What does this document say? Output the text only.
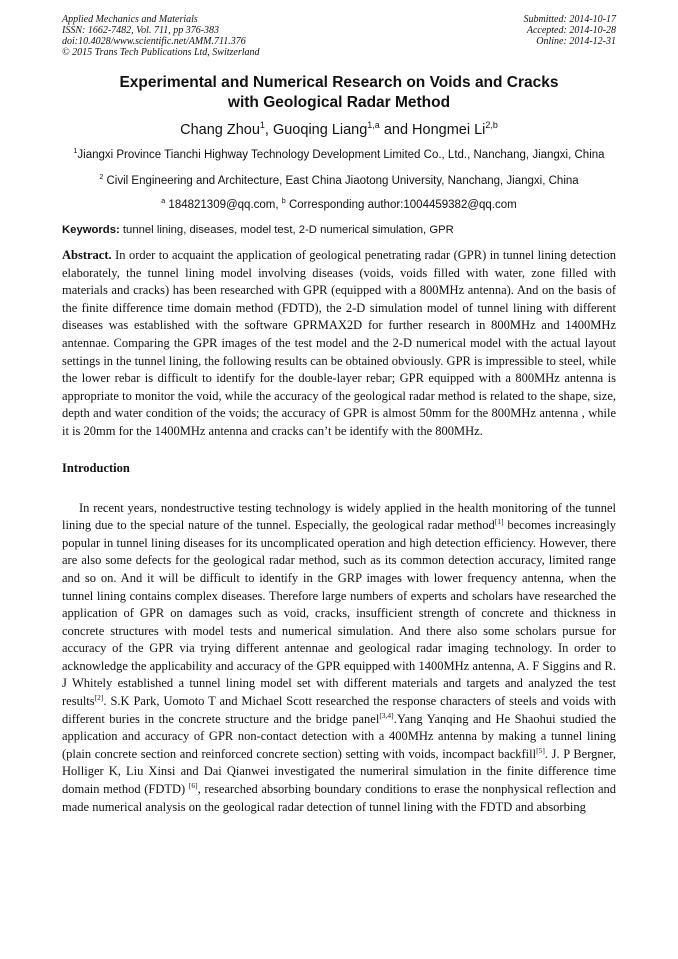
Applied Mechanics and Materials
ISSN: 1662-7482, Vol. 711, pp 376-383
doi:10.4028/www.scientific.net/AMM.711.376
© 2015 Trans Tech Publications Ltd, Switzerland
Submitted: 2014-10-17
Accepted: 2014-10-28
Online: 2014-12-31
Experimental and Numerical Research on Voids and Cracks
with Geological Radar Method
Chang Zhou$^1$, Guoqing Liang$^{1,a}$ and Hongmei Li$^{2,b}$
$^1$Jiangxi Province Tianchi Highway Technology Development Limited Co., Ltd., Nanchang, Jiangxi, China
$^2$ Civil Engineering and Architecture, East China Jiaotong University, Nanchang, Jiangxi, China
$^a$ 184821309@qq.com, $^b$ Corresponding author:1004459382@qq.com
Keywords: tunnel lining, diseases, model test, 2-D numerical simulation, GPR
Abstract. In order to acquaint the application of geological penetrating radar (GPR) in tunnel lining detection elaborately, the tunnel lining model involving diseases (voids, voids filled with water, zone filled with materials and cracks) has been researched with GPR (equipped with a 800MHz antenna). And on the basis of the finite difference time domain method (FDTD), the 2-D simulation model of tunnel lining with different diseases was established with the software GPRMAX2D for further research in 800MHz and 1400MHz antennae. Comparing the GPR images of the test model and the 2-D numerical model with the actual layout settings in the tunnel lining, the following results can be obtained obviously. GPR is impressible to steel, while the lower rebar is difficult to identify for the double-layer rebar; GPR equipped with a 800MHz antenna is appropriate to monitor the void, while the accuracy of the geological radar method is related to the shape, size, depth and water condition of the voids; the accuracy of GPR is almost 50mm for the 800MHz antenna , while it is 20mm for the 1400MHz antenna and cracks can’t be identify with the 800MHz.
Introduction
In recent years, nondestructive testing technology is widely applied in the health monitoring of the tunnel lining due to the special nature of the tunnel. Especially, the geological radar method[1] becomes increasingly popular in tunnel lining diseases for its uncomplicated operation and high detection efficiency. However, there are also some defects for the geological radar method, such as its common detection accuracy, limited range and so on. And it will be difficult to identify in the GRP images with lower frequency antenna, when the tunnel lining contains complex diseases. Therefore large numbers of experts and scholars have researched the application of GPR on damages such as void, cracks, insufficient strength of concrete and thickness in concrete structures with model tests and numerical simulation. And there also some scholars pursue for accuracy of the GPR via trying different antennae and geological radar imaging technology. In order to acknowledge the applicability and accuracy of the GPR equipped with 1400MHz antenna, A. F Siggins and R. J Whitely established a tunnel lining model set with different materials and targets and analyzed the test results[2]. S.K Park, Uomoto T and Michael Scott researched the response characters of steels and voids with different buries in the concrete structure and the bridge panel[3,4].Yang Yanqing and He Shaohui studied the application and accuracy of GPR non-contact detection with a 400MHz antenna by making a tunnel lining (plain concrete section and reinforced concrete section) setting with voids, incompact backfill[5]. J. P Bergner, Holliger K, Liu Xinsi and Dai Qianwei investigated the numeriral simulation in the finite difference time domain method (FDTD) [6], researched absorbing boundary conditions to erase the nonphysical reflection and made numerical analysis on the geological radar detection of tunnel lining with the FDTD and absorbing
